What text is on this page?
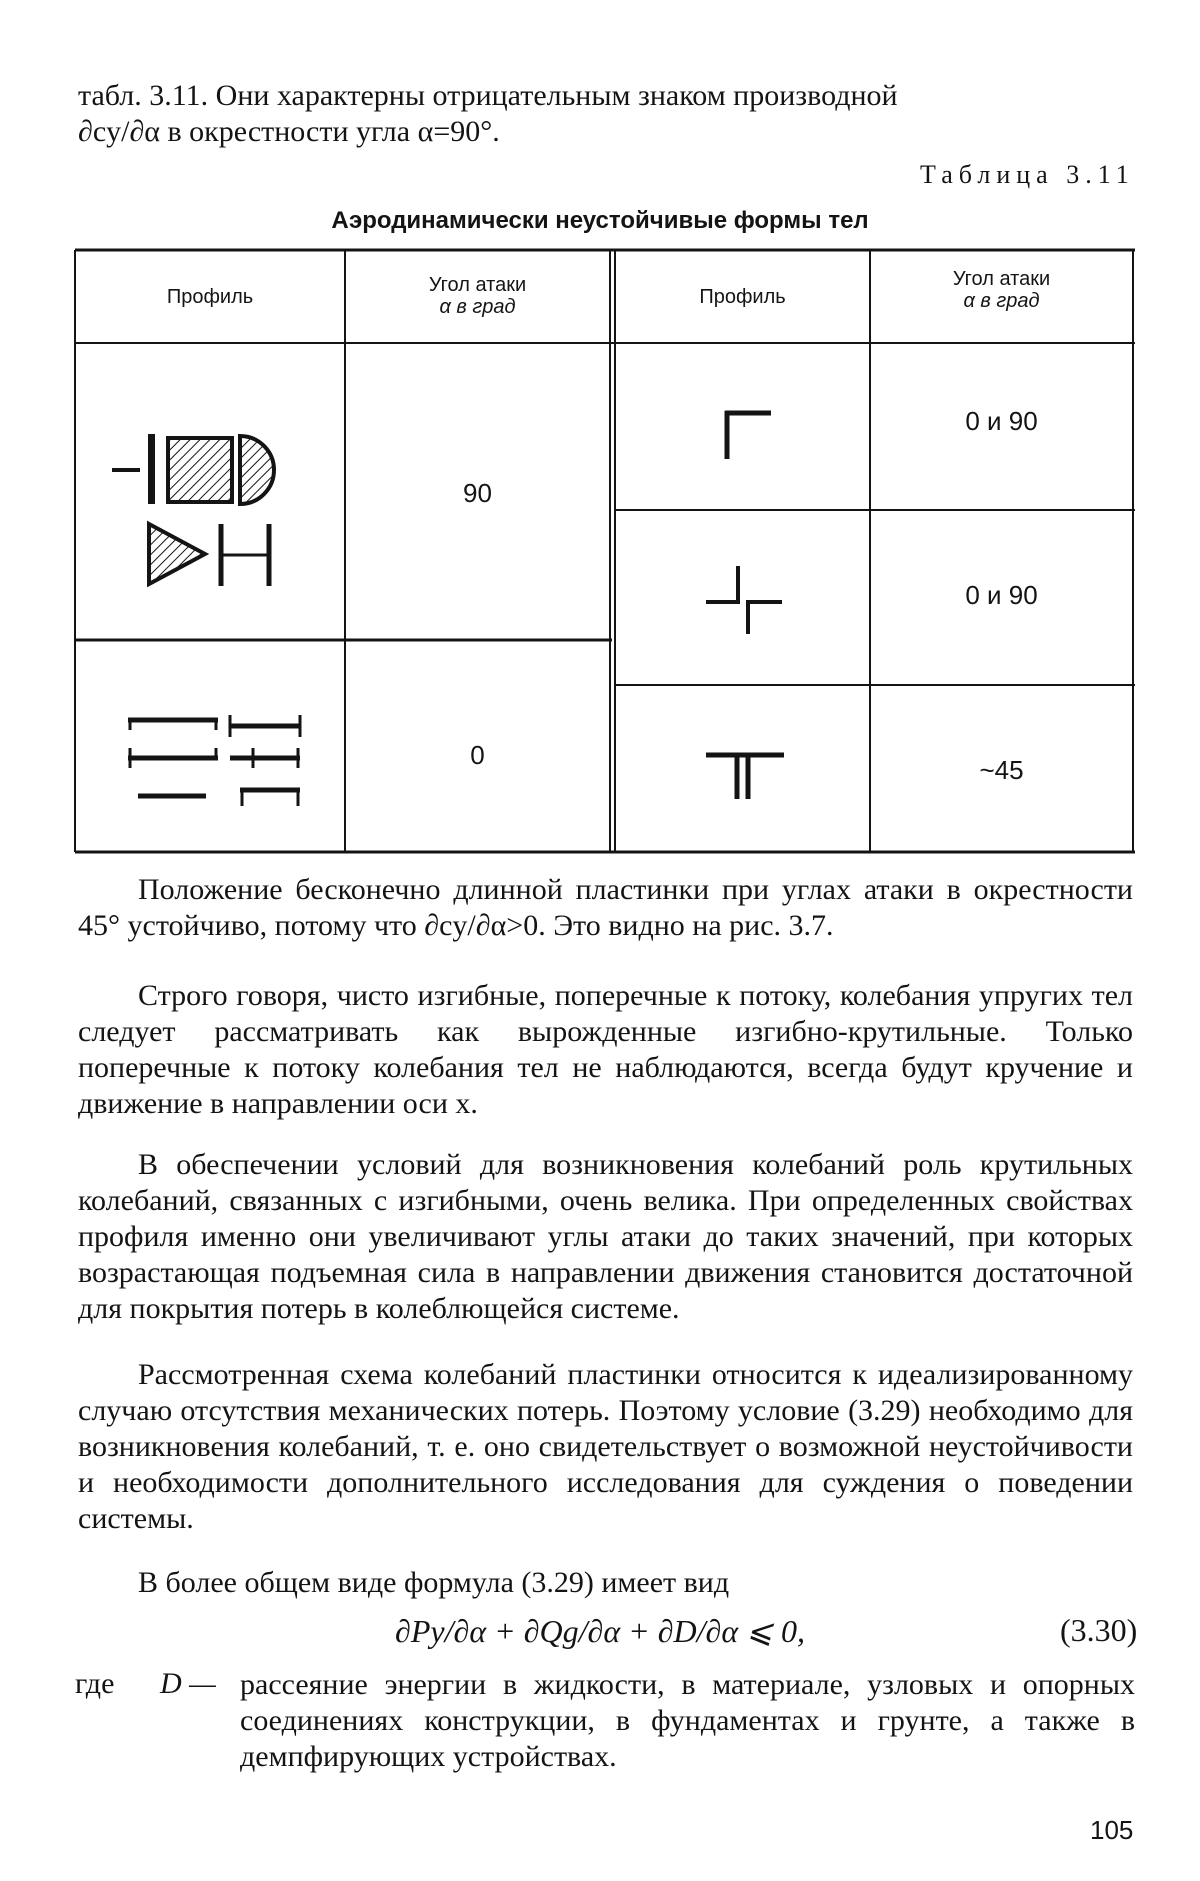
табл. 3.11. Они характерны отрицательным знаком производной

∂cy/∂α в окрестности угла α=90°.

Таблица 3.11
Аэродинамически неустойчивые формы тел
Профиль
Угол атаки
α в град	Профиль
Угол атаки
α в град
90
0
0 и 90
0 и 90
~45

Положение бесконечно длинной пластинки при углах атаки в окрестности 45° устойчиво, потому что ∂cy/∂α>0. Это видно на рис. 3.7.

Строго говоря, чисто изгибные, поперечные к потоку, колебания упругих тел следует рассматривать как вырожденные изгибно-крутильные. Только поперечные к потоку колебания тел не наблюдаются, всегда будут кручение и движение в направлении оси x.

В обеспечении условий для возникновения колебаний роль крутильных колебаний, связанных с изгибными, очень велика. При определенных свойствах профиля именно они увеличивают углы атаки до таких значений, при которых возрастающая подъемная сила в направлении движения становится достаточной для покрытия потерь в колеблющейся системе.

Рассмотренная схема колебаний пластинки относится к идеализированному случаю отсутствия механических потерь. Поэтому условие (3.29) необходимо для возникновения колебаний, т. е. оно свидетельствует о возможной неустойчивости и необходимости дополнительного исследования для суждения о поведении системы.

В более общем виде формула (3.29) имеет вид

∂Py/∂α + ∂Qg/∂α + ∂D/∂α ⩽ 0,	(3.30)
где D — рассеяние энергии в жидкости, в материале, узловых и опорных соединениях конструкции, в фундаментах и грунте, а также в демпфирующих устройствах.

105
